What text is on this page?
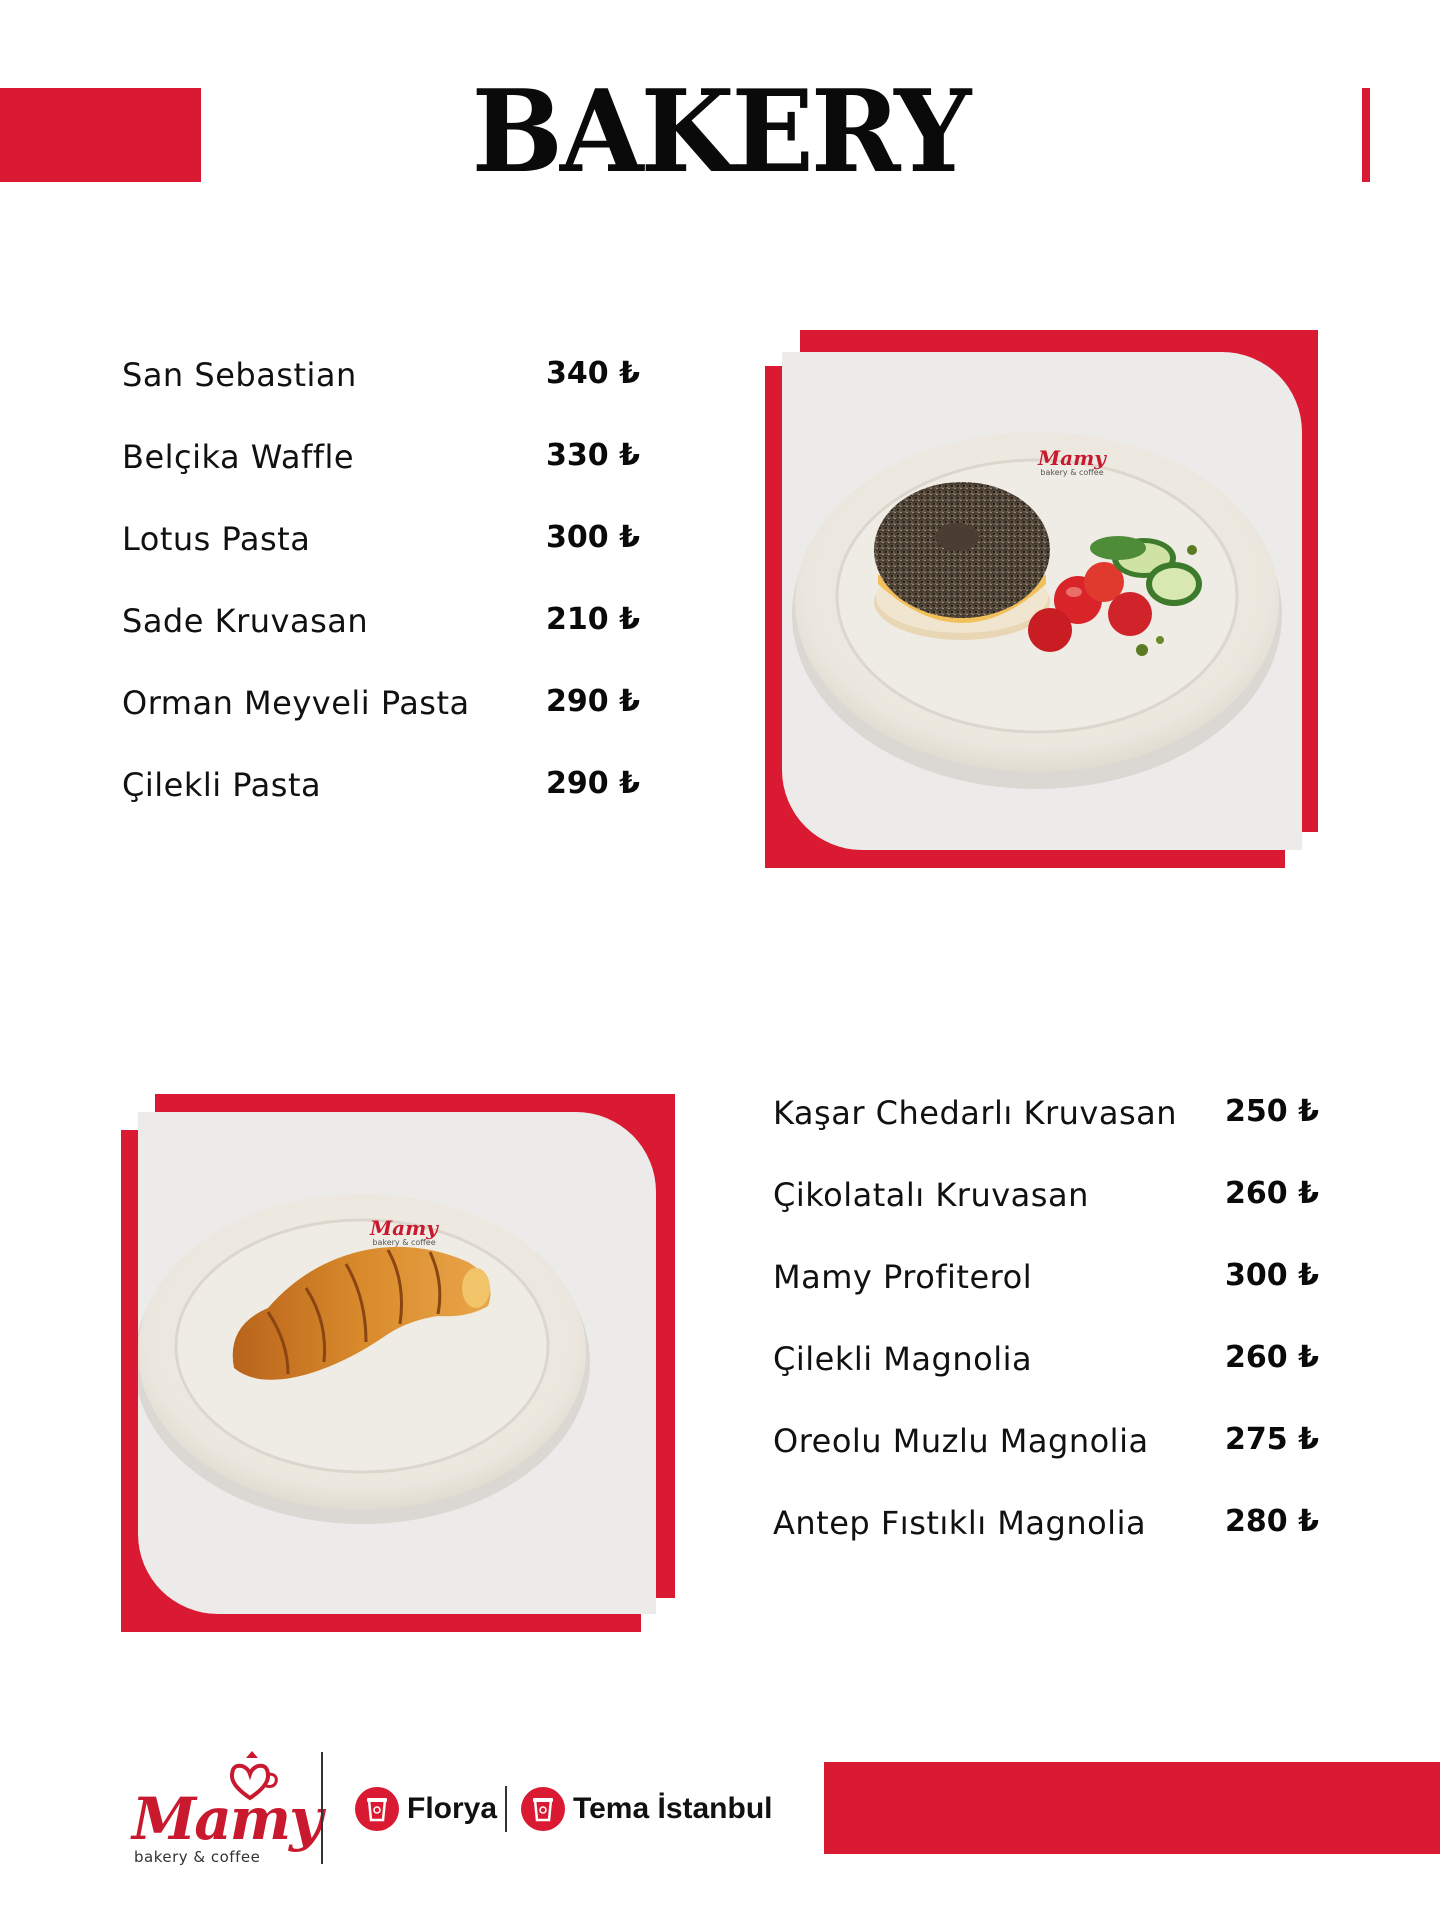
BAKERY
San Sebastian	340 ₺
Belçika Waffle	330 ₺
Lotus Pasta	300 ₺
Sade Kruvasan	210 ₺
Orman Meyveli Pasta	290 ₺
Çilekli Pasta	290 ₺
Mamy
bakery & coffee
Mamy
bakery & coffee
Kaşar Chedarlı Kruvasan 250 ₺
Çikolatalı Kruvasan	260 ₺
Mamy Profiterol	300 ₺
Çilekli Magnolia	260 ₺
Oreolu Muzlu Magnolia	275 ₺
Antep Fıstıklı Magnolia	280 ₺
Mamy
bakery & coffee
Florya	Tema İstanbul
